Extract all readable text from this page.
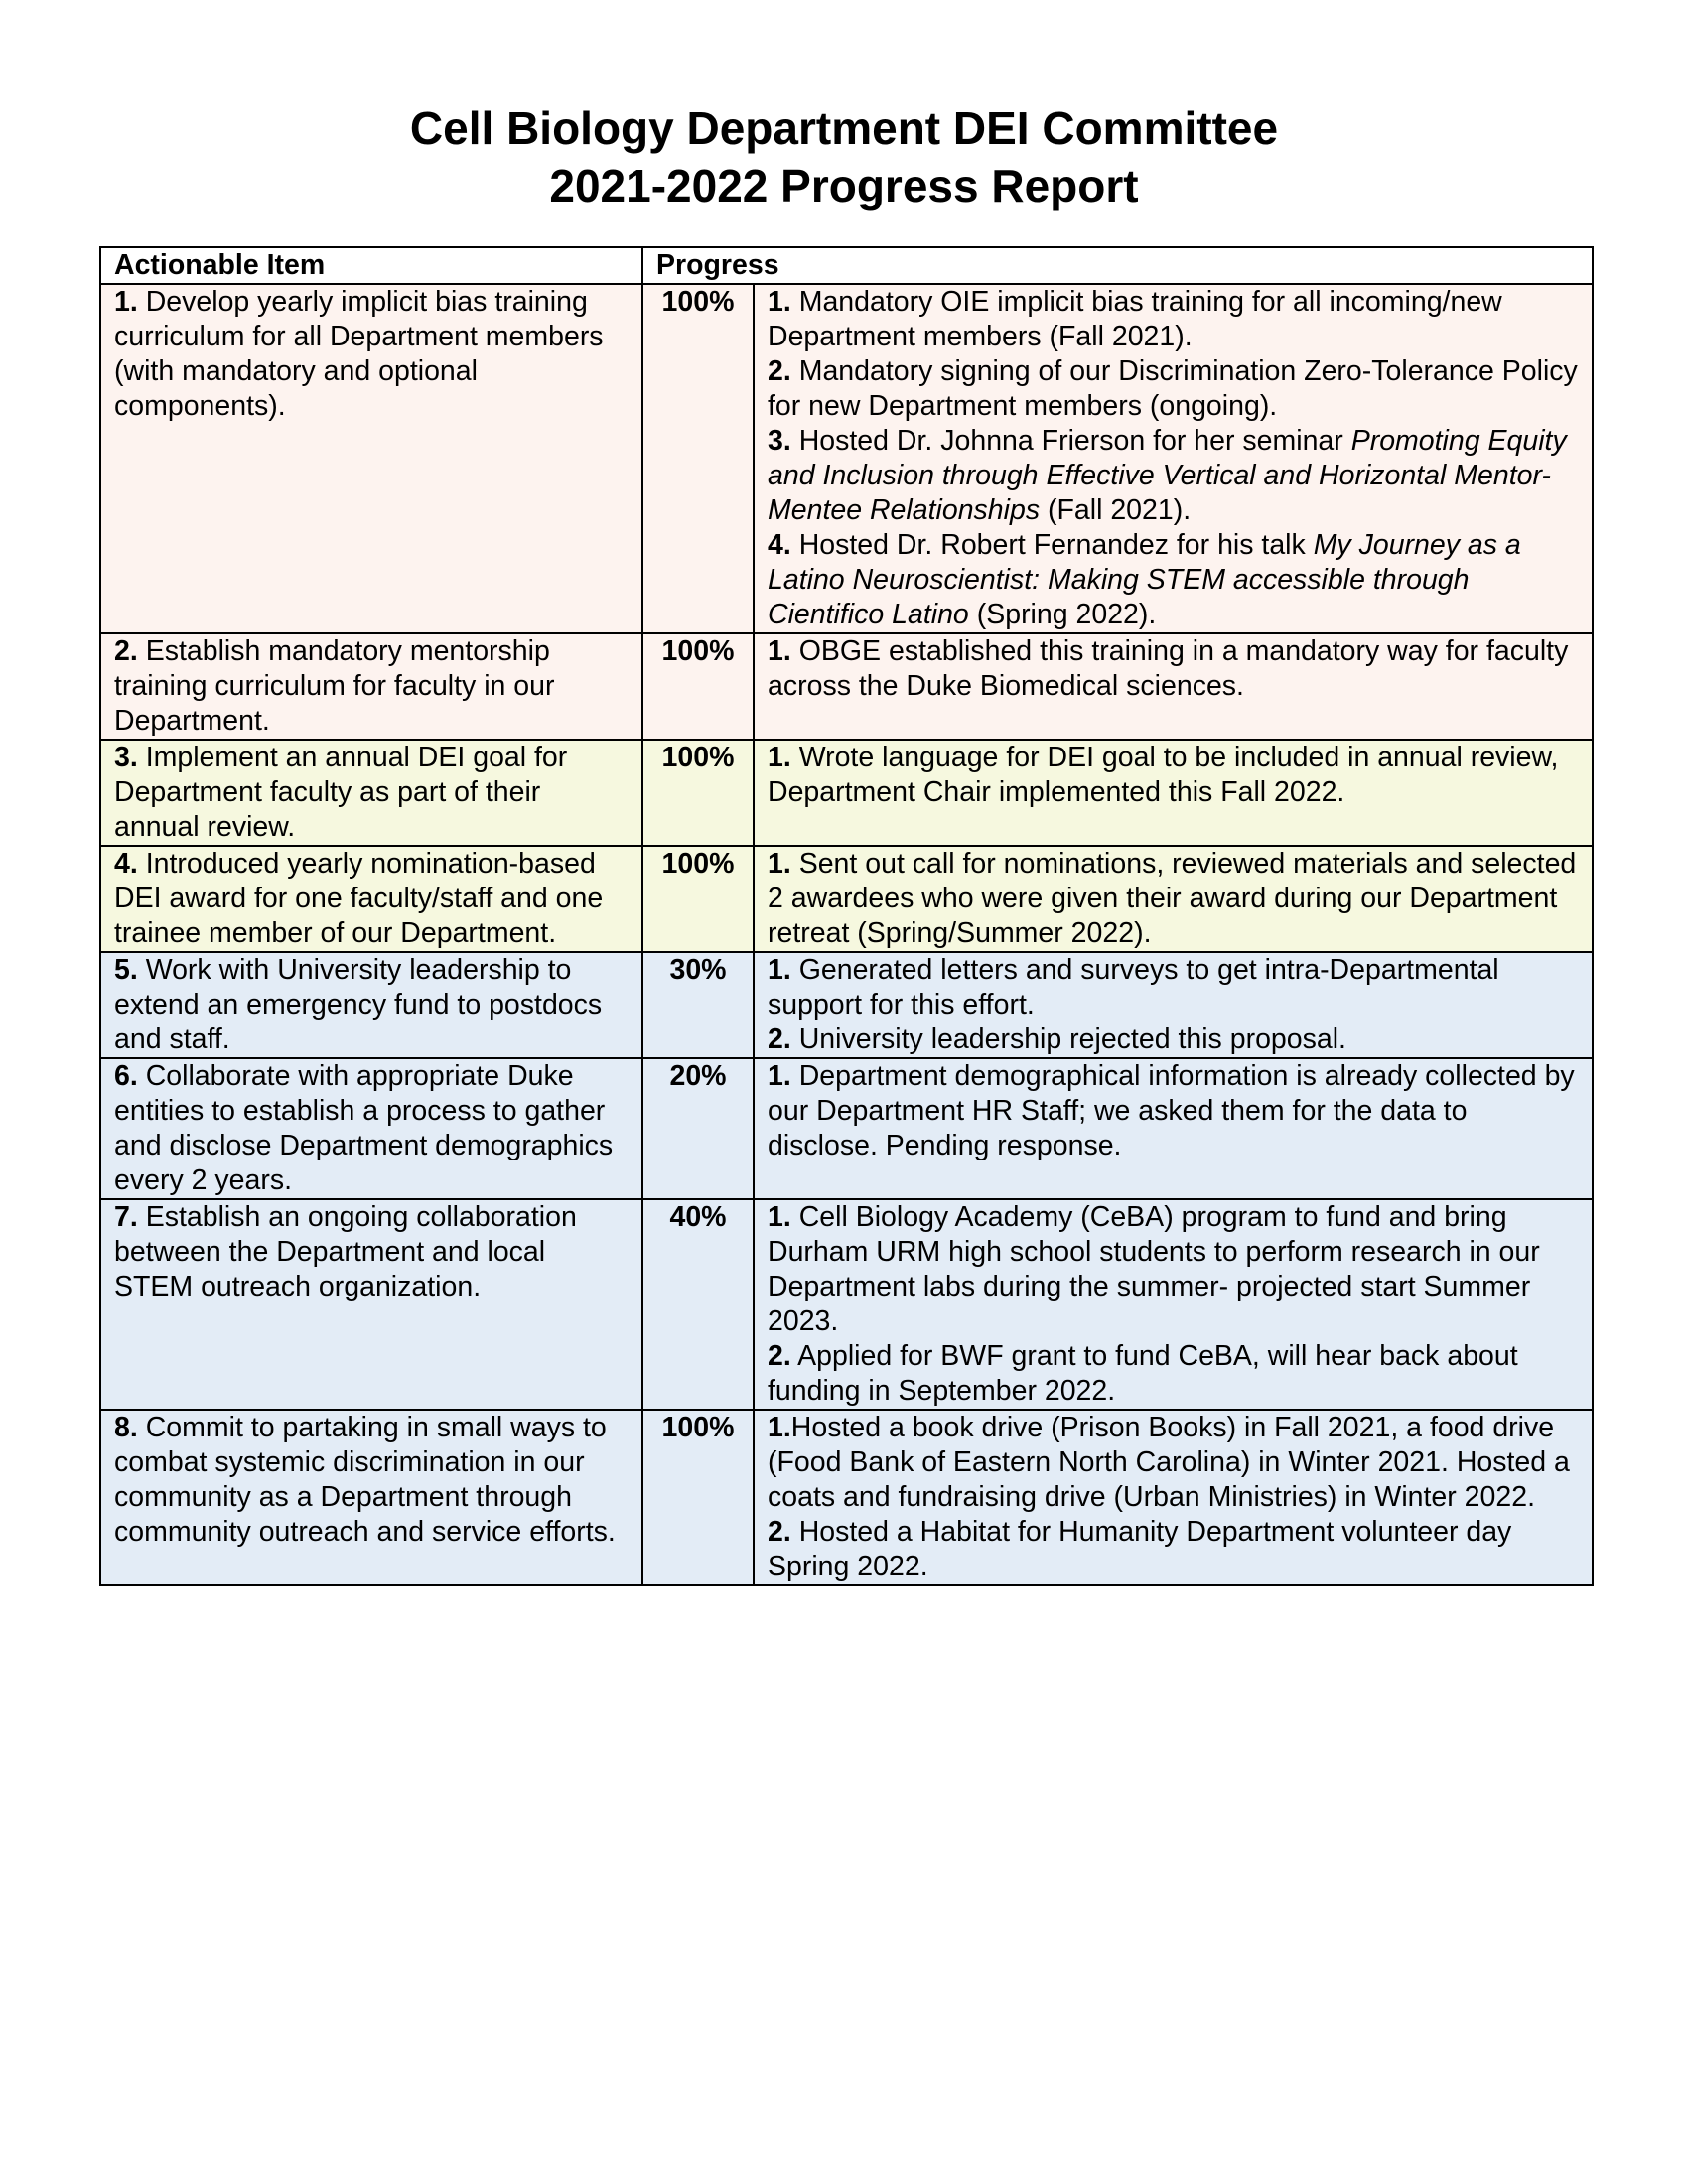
Cell Biology Department DEI Committee
2021-2022 Progress Report
Actionable Item	Progress	
1. Develop yearly implicit bias training curriculum for all Department members (with mandatory and optional components).	100%	1. Mandatory OIE implicit bias training for all incoming/new Department members (Fall 2021).
2. Mandatory signing of our Discrimination Zero-Tolerance Policy for new Department members (ongoing).
3. Hosted Dr. Johnna Frierson for her seminar Promoting Equity and Inclusion through Effective Vertical and Horizontal Mentor-Mentee Relationships (Fall 2021).
4. Hosted Dr. Robert Fernandez for his talk My Journey as a Latino Neuroscientist: Making STEM accessible through Cientifico Latino (Spring 2022).

2. Establish mandatory mentorship training curriculum for faculty in our Department.	100%	1. OBGE established this training in a mandatory way for faculty across the Duke Biomedical sciences.

3. Implement an annual DEI goal for Department faculty as part of their annual review.	100%	1. Wrote language for DEI goal to be included in annual review, Department Chair implemented this Fall 2022.

4. Introduced yearly nomination-based DEI award for one faculty/staff and one trainee member of our Department.	100%	1. Sent out call for nominations, reviewed materials and selected 2 awardees who were given their award during our Department retreat (Spring/Summer 2022).

5. Work with University leadership to extend an emergency fund to postdocs and staff.	30%	1. Generated letters and surveys to get intra-Departmental support for this effort.
2. University leadership rejected this proposal.

6. Collaborate with appropriate Duke entities to establish a process to gather and disclose Department demographics every 2 years.	20%	1. Department demographical information is already collected by our Department HR Staff; we asked them for the data to disclose. Pending response.

7. Establish an ongoing collaboration between the Department and local STEM outreach organization.	40%	1. Cell Biology Academy (CeBA) program to fund and bring Durham URM high school students to perform research in our Department labs during the summer- projected start Summer 2023.
2. Applied for BWF grant to fund CeBA, will hear back about funding in September 2022.

8. Commit to partaking in small ways to combat systemic discrimination in our community as a Department through community outreach and service efforts.	100%	1.Hosted a book drive (Prison Books) in Fall 2021, a food drive (Food Bank of Eastern North Carolina) in Winter 2021. Hosted a coats and fundraising drive (Urban Ministries) in Winter 2022.
2. Hosted a Habitat for Humanity Department volunteer day Spring 2022.
